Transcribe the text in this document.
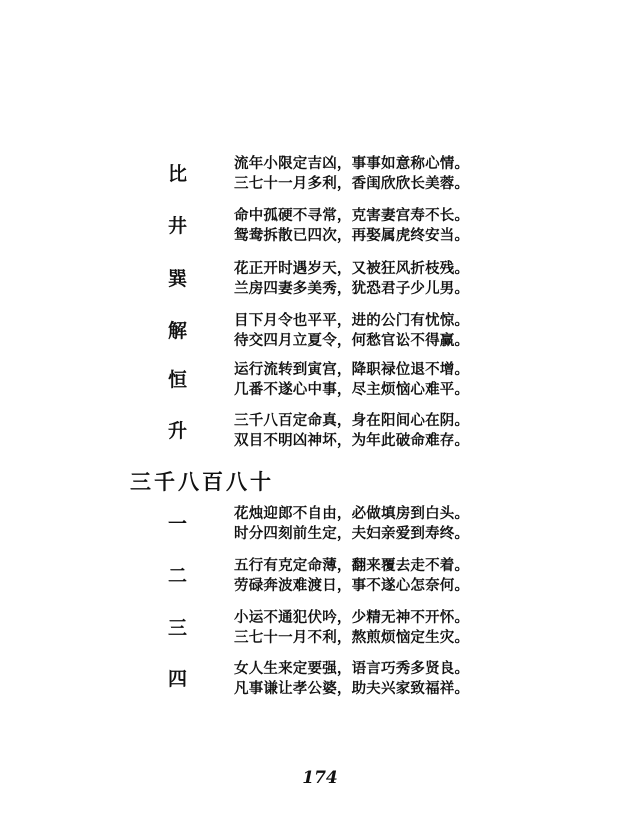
比	流年小限定吉凶，事事如意称心情。
三七十一月多利，香闺欣欣长美蓉。
井	命中孤硬不寻常，克害妻宫寿不长。
鸳鸯拆散已四次，再娶属虎终安当。
巽	花正开时遇岁天，又被狂风折枝残。
兰房四妻多美秀，犹恐君子少儿男。
解	目下月令也平平，进的公门有忧惊。
待交四月立夏令，何愁官讼不得赢。
恒	运行流转到寅宫，降职禄位退不增。
几番不遂心中事，尽主烦恼心难平。
升	三千八百定命真，身在阳间心在阴。
双目不明凶神坏，为年此破命难存。
三千八百八十
一	花烛迎郎不自由，必做填房到白头。
时分四刻前生定，夫妇亲爱到寿终。
二	五行有克定命薄，翻来覆去走不着。
劳碌奔波难渡日，事不遂心怎奈何。
三	小运不通犯伏吟，少精无神不开怀。
三七十一月不利，熬煎烦恼定生灾。
四	女人生来定要强，语言巧秀多贤良。
凡事谦让孝公婆，助夫兴家致福祥。
174
